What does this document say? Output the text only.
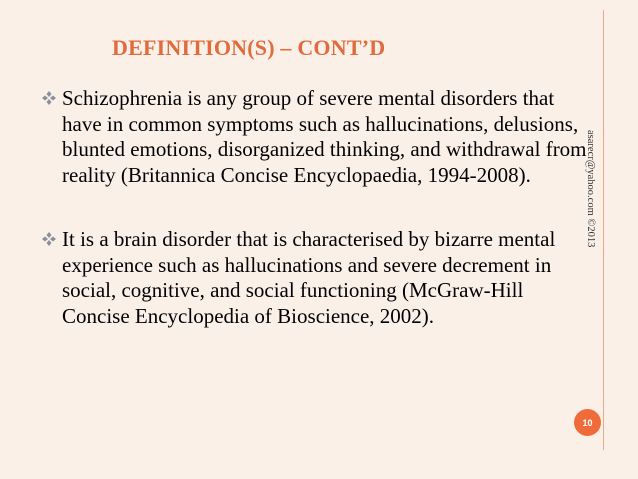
DEFINITION(S) – CONT’D
Schizophrenia is any group of severe mental disorders that have in common symptoms such as hallucinations, delusions, blunted emotions, disorganized thinking, and withdrawal from reality (Britannica Concise Encyclopaedia, 1994-2008).
It is a brain disorder that is characterised by bizarre mental experience such as hallucinations and severe decrement in social, cognitive, and social functioning (McGraw-Hill Concise Encyclopedia of Bioscience, 2002).
asarecr@yahoo.com ©2013
10
